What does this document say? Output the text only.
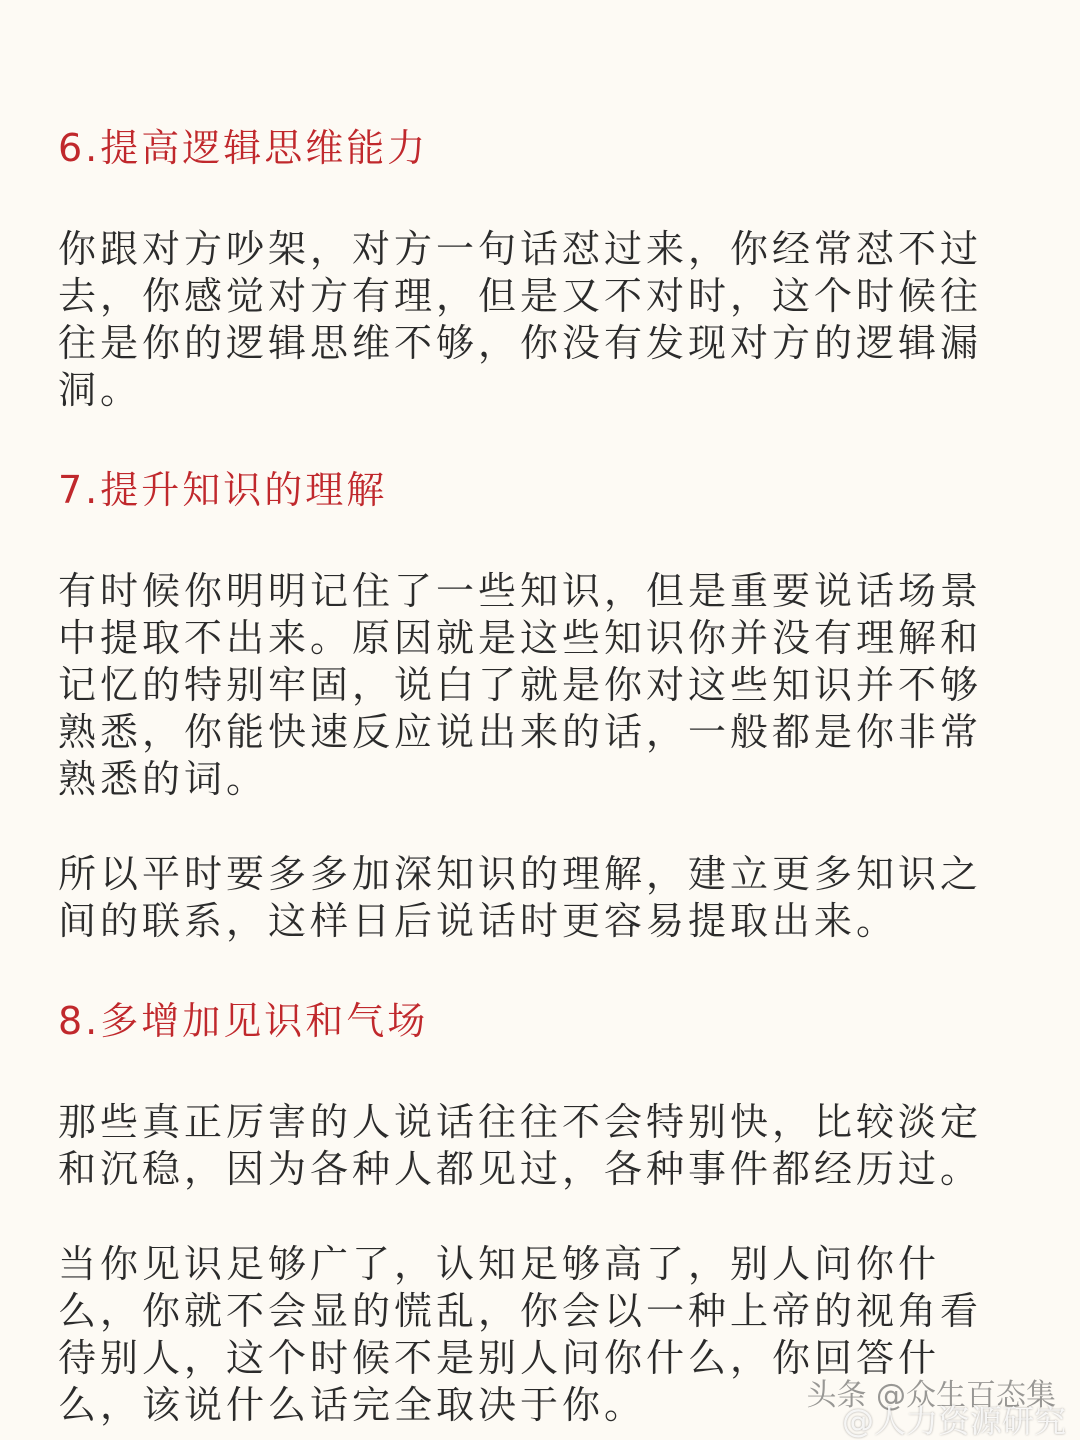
6.提高逻辑思维能力

你跟对方吵架，对方一句话怼过来，你经常怼不过
去，你感觉对方有理，但是又不对时，这个时候往
往是你的逻辑思维不够，你没有发现对方的逻辑漏
洞。

7.提升知识的理解

有时候你明明记住了一些知识，但是重要说话场景
中提取不出来。原因就是这些知识你并没有理解和
记忆的特别牢固，说白了就是你对这些知识并不够
熟悉，你能快速反应说出来的话，一般都是你非常
熟悉的词。

所以平时要多多加深知识的理解，建立更多知识之
间的联系，这样日后说话时更容易提取出来。

8.多增加见识和气场

那些真正厉害的人说话往往不会特别快，比较淡定
和沉稳，因为各种人都见过，各种事件都经历过。

当你见识足够广了，认知足够高了，别人问你什
么，你就不会显的慌乱，你会以一种上帝的视角看
待别人，这个时候不是别人问你什么，你回答什
么，该说什么话完全取决于你。	头条 @众生百态集
@人力资源研究
